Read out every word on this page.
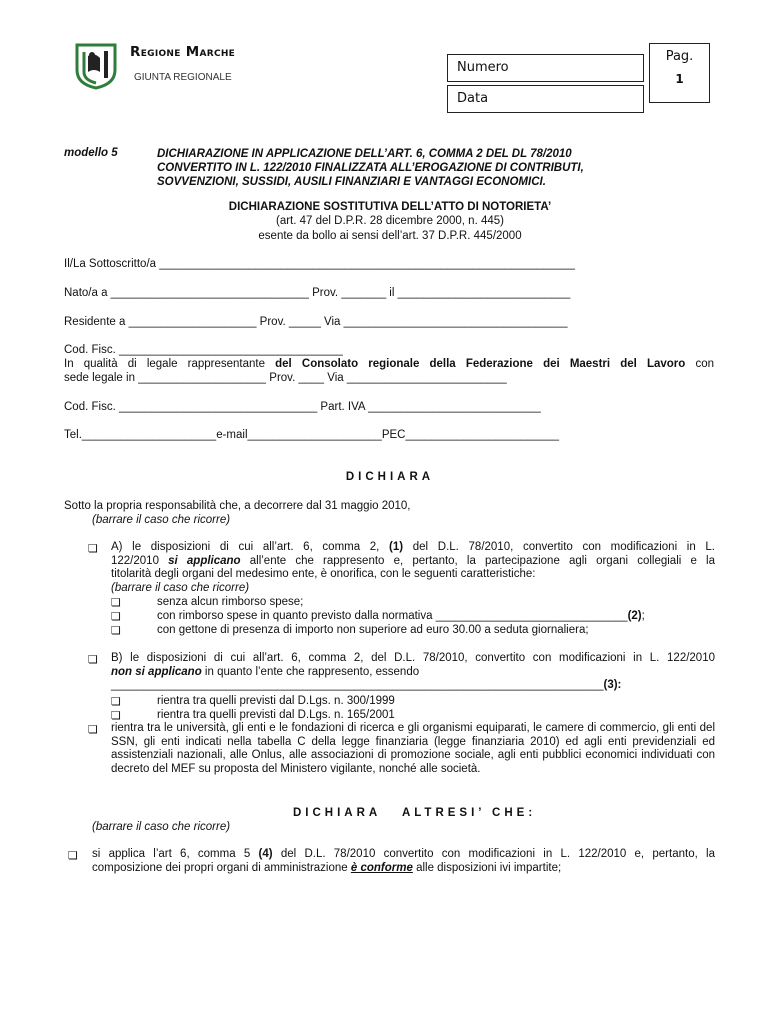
Regione Marche
GIUNTA REGIONALE
Numero
Data
Pag.
1
modello 5	DICHIARAZIONE IN APPLICAZIONE DELL’ART. 6, COMMA 2 DEL DL 78/2010
CONVERTITO IN L. 122/2010 FINALIZZATA ALL’EROGAZIONE DI CONTRIBUTI,
SOVVENZIONI, SUSSIDI, AUSILI FINANZIARI E VANTAGGI ECONOMICI.
DICHIARAZIONE SOSTITUTIVA DELL’ATTO DI NOTORIETA’
(art. 47 del D.P.R. 28 dicembre 2000, n. 445)
esente da bollo ai sensi dell’art. 37 D.P.R. 445/2000
Il/La Sottoscritto/a _________________________________________________________________
Nato/a a _______________________________ Prov. _______ il ___________________________
Residente a ____________________ Prov. _____ Via ___________________________________
Cod. Fisc. ___________________________________
In qualità di legale rappresentante del Consolato regionale della Federazione dei Maestri del Lavoro con
sede legale in ____________________ Prov. ____ Via _________________________
Cod. Fisc. _______________________________ Part. IVA ___________________________
Tel._____________________e-mail_____________________PEC________________________
DICHIARA
Sotto la propria responsabilità che, a decorrere dal 31 maggio 2010,
(barrare il caso che ricorre)
❏ A) le disposizioni di cui all’art. 6, comma 2, (1) del D.L. 78/2010, convertito con modificazioni in L.
122/2010 si applicano all’ente che rappresento e, pertanto, la partecipazione agli organi collegiali e la
titolarità degli organi del medesimo ente, è onorifica, con le seguenti caratteristiche:
(barrare il caso che ricorre)
❏	senza alcun rimborso spese;
❏	con rimborso spese in quanto previsto dalla normativa ______________________________(2);
❏	con gettone di presenza di importo non superiore ad euro 30.00 a seduta giornaliera;
❏ B) le disposizioni di cui all’art. 6, comma 2, del D.L. 78/2010, convertito con modificazioni in L. 122/2010
non si applicano in quanto l’ente che rappresento, essendo
_____________________________________________________________________________(3):
❏	rientra tra quelli previsti dal D.Lgs. n. 300/1999
❏	rientra tra quelli previsti dal D.Lgs. n. 165/2001
❏ rientra tra le università, gli enti e le fondazioni di ricerca e gli organismi equiparati, le camere di commercio, gli enti del SSN, gli enti indicati nella tabella C della legge finanziaria (legge finanziaria 2010) ed agli enti previdenziali ed assistenziali nazionali, alle Onlus, alle associazioni di promozione sociale, agli enti pubblici economici individuati con decreto del MEF su proposta del Ministero vigilante, nonché alle società.
DICHIARA   ALTRESI’ CHE:
(barrare il caso che ricorre)
❏ si applica l’art 6, comma 5 (4) del D.L. 78/2010 convertito con modificazioni in L. 122/2010 e, pertanto, la
composizione dei propri organi di amministrazione è conforme alle disposizioni ivi impartite;
